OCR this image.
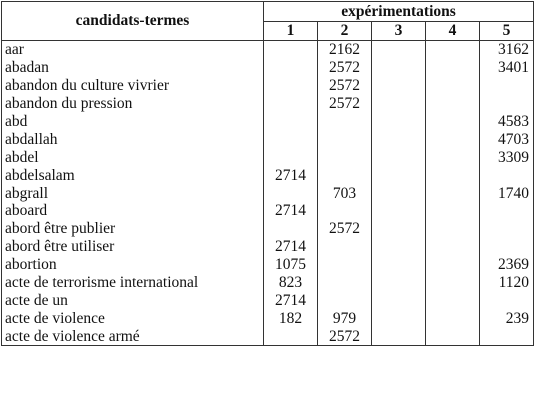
candidats-termes	expérimentations				
	1	2	3	4	5
aar		2162			3162
abadan		2572			3401
abandon du culture vivrier		2572			
abandon du pression		2572			
abd					4583
abdallah					4703
abdel					3309
abdelsalam	2714				
abgrall		703			1740
aboard	2714				
abord être publier		2572			
abord être utiliser	2714				
abortion	1075				2369
acte de terrorisme international	823				1120
acte de un	2714				
acte de violence	182	979			239
acte de violence armé		2572			
